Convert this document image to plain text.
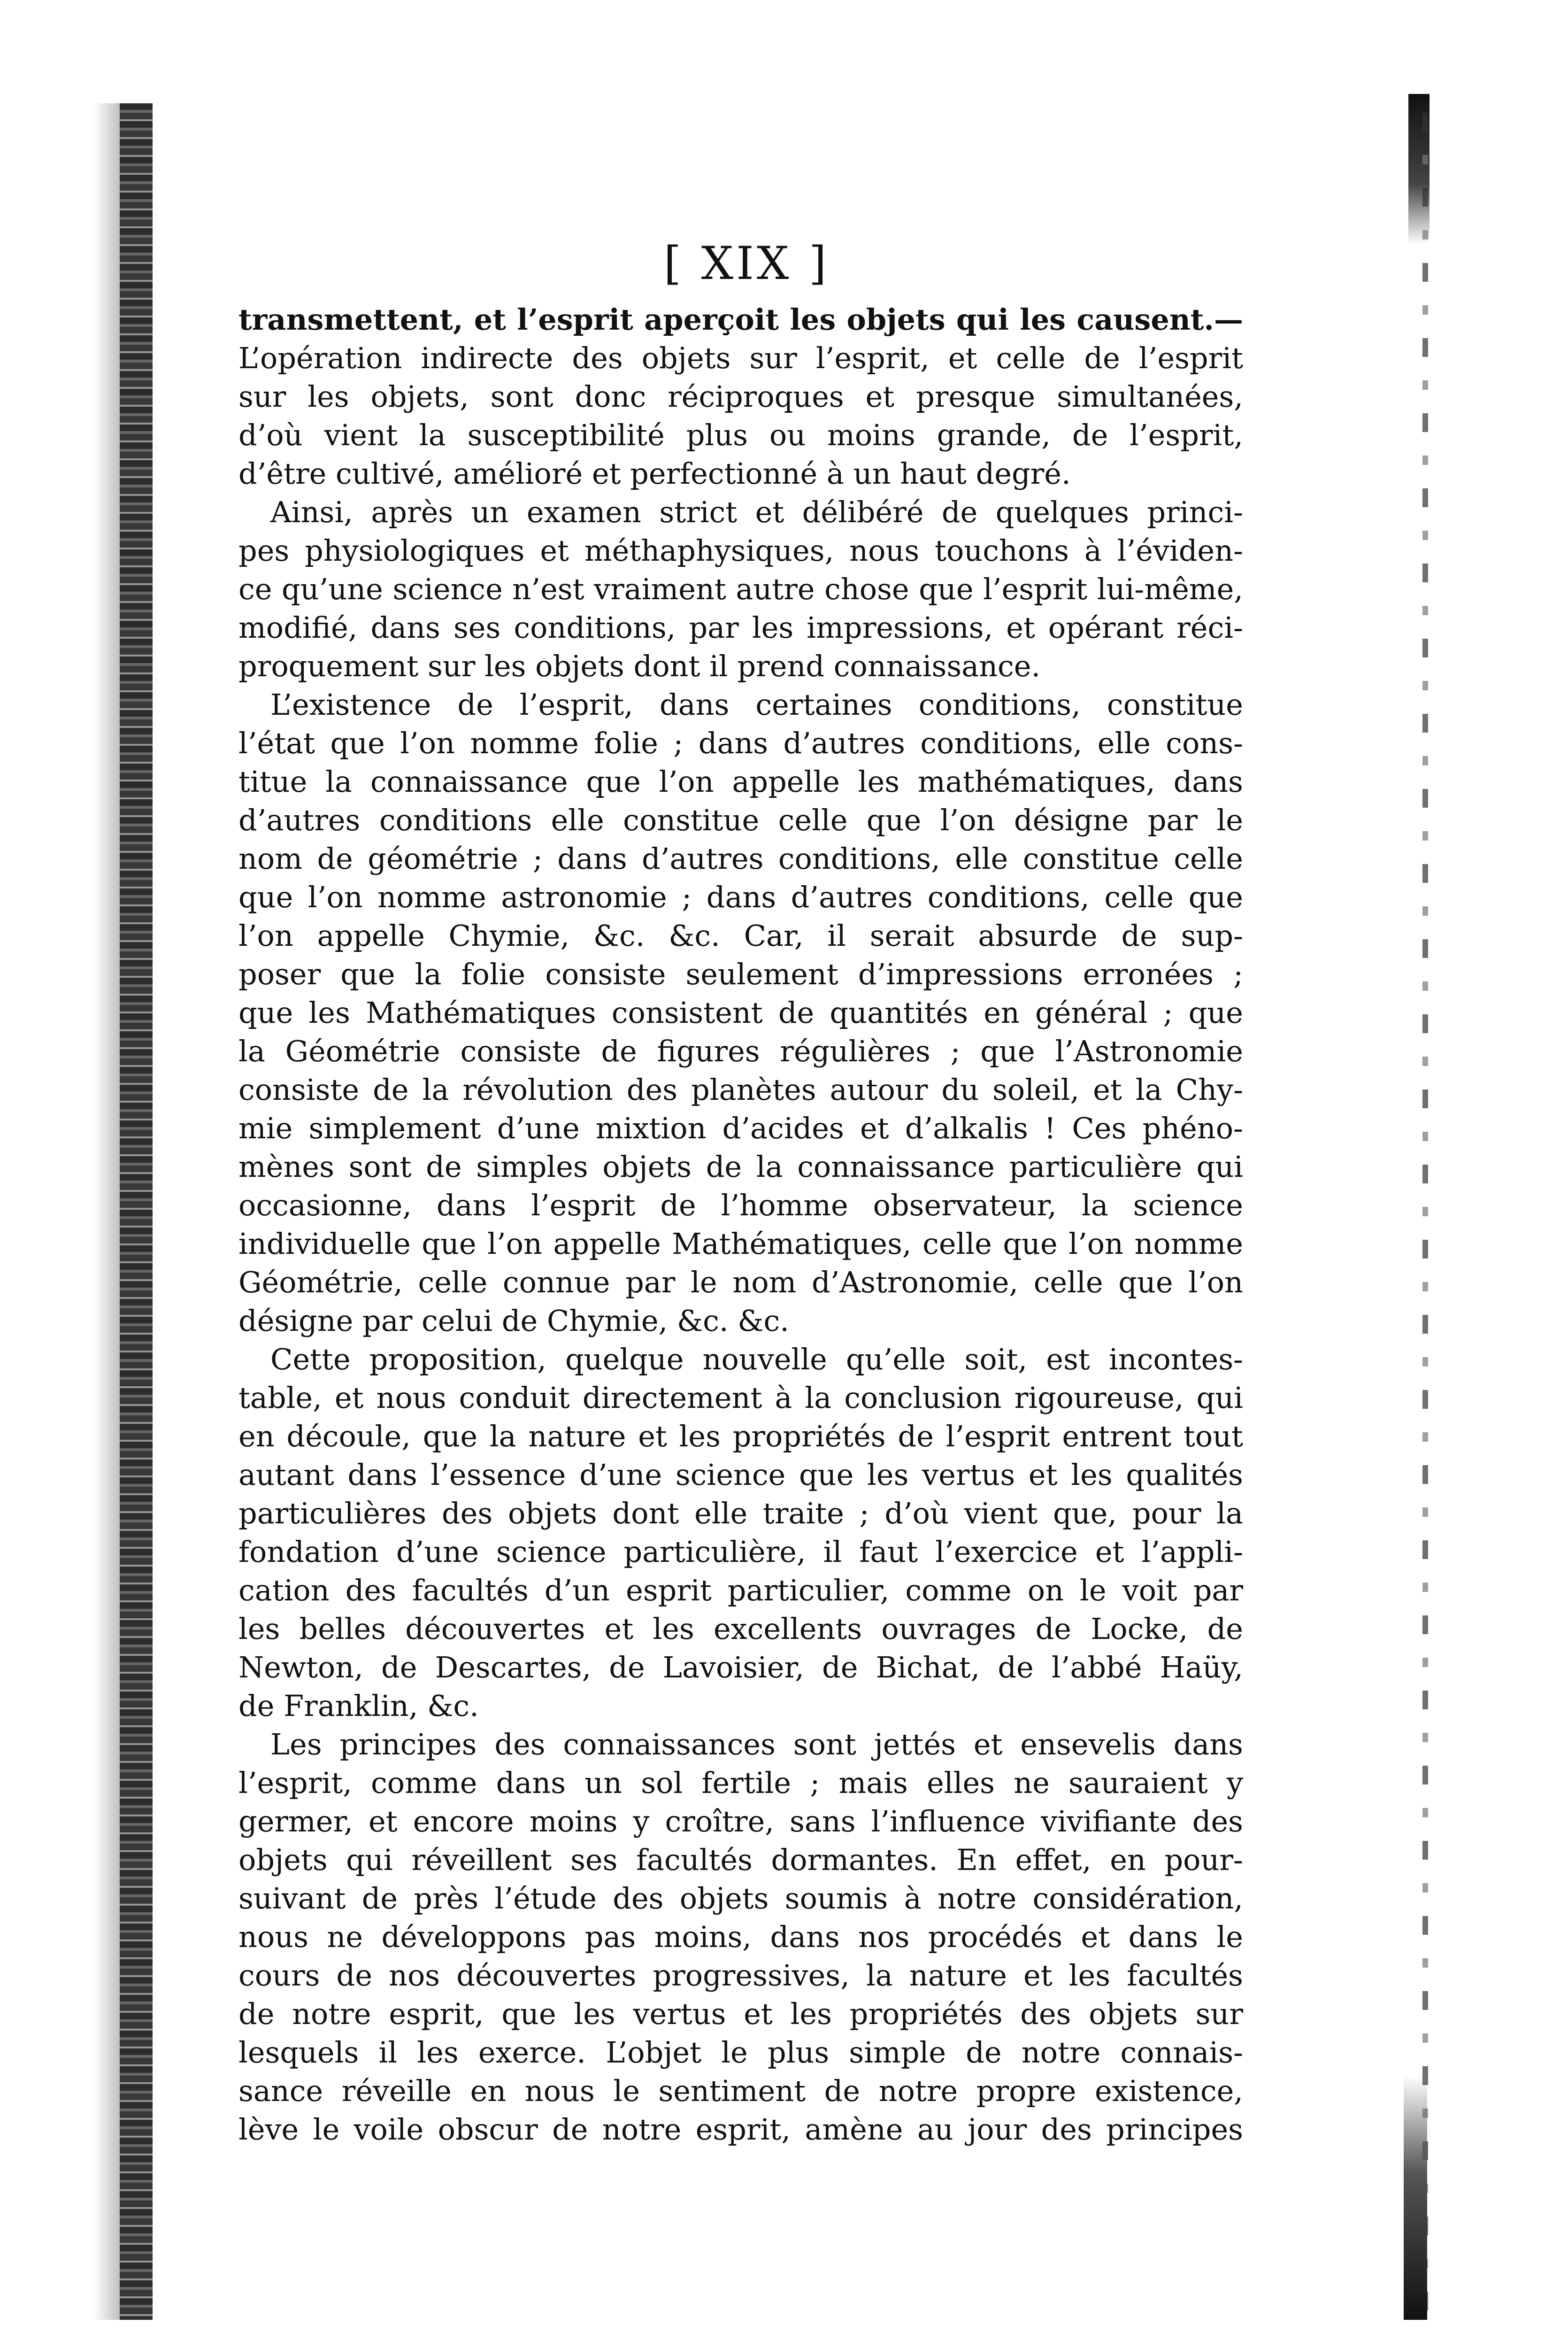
[ XIX ]
transmettent, et l’esprit aperçoit les objets qui les causent.—
L’opération indirecte des objets sur l’esprit, et celle de l’esprit
sur les objets, sont donc réciproques et presque simultanées,
d’où vient la susceptibilité plus ou moins grande, de l’esprit,
d’être cultivé, amélioré et perfectionné à un haut degré.
Ainsi, après un examen strict et délibéré de quelques princi-
pes physiologiques et méthaphysiques, nous touchons à l’éviden-
ce qu’une science n’est vraiment autre chose que l’esprit lui-même,
modifié, dans ses conditions, par les impressions, et opérant réci-
proquement sur les objets dont il prend connaissance.
L’existence de l’esprit, dans certaines conditions, constitue
l’état que l’on nomme folie ; dans d’autres conditions, elle cons-
titue la connaissance que l’on appelle les mathématiques, dans
d’autres conditions elle constitue celle que l’on désigne par le
nom de géométrie ; dans d’autres conditions, elle constitue celle
que l’on nomme astronomie ; dans d’autres conditions, celle que
l’on appelle Chymie, &c. &c. Car, il serait absurde de sup-
poser que la folie consiste seulement d’impressions erronées ;
que les Mathématiques consistent de quantités en général ; que
la Géométrie consiste de figures régulières ; que l’Astronomie
consiste de la révolution des planètes autour du soleil, et la Chy-
mie simplement d’une mixtion d’acides et d’alkalis ! Ces phéno-
mènes sont de simples objets de la connaissance particulière qui
occasionne, dans l’esprit de l’homme observateur, la science
individuelle que l’on appelle Mathématiques, celle que l’on nomme
Géométrie, celle connue par le nom d’Astronomie, celle que l’on
désigne par celui de Chymie, &c. &c.
Cette proposition, quelque nouvelle qu’elle soit, est incontes-
table, et nous conduit directement à la conclusion rigoureuse, qui
en découle, que la nature et les propriétés de l’esprit entrent tout
autant dans l’essence d’une science que les vertus et les qualités
particulières des objets dont elle traite ; d’où vient que, pour la
fondation d’une science particulière, il faut l’exercice et l’appli-
cation des facultés d’un esprit particulier, comme on le voit par
les belles découvertes et les excellents ouvrages de Locke, de
Newton, de Descartes, de Lavoisier, de Bichat, de l’abbé Haüy,
de Franklin, &c.
Les principes des connaissances sont jettés et ensevelis dans
l’esprit, comme dans un sol fertile ; mais elles ne sauraient y
germer, et encore moins y croître, sans l’influence vivifiante des
objets qui réveillent ses facultés dormantes. En effet, en pour-
suivant de près l’étude des objets soumis à notre considération,
nous ne développons pas moins, dans nos procédés et dans le
cours de nos découvertes progressives, la nature et les facultés
de notre esprit, que les vertus et les propriétés des objets sur
lesquels il les exerce. L’objet le plus simple de notre connais-
sance réveille en nous le sentiment de notre propre existence,
lève le voile obscur de notre esprit, amène au jour des principes
